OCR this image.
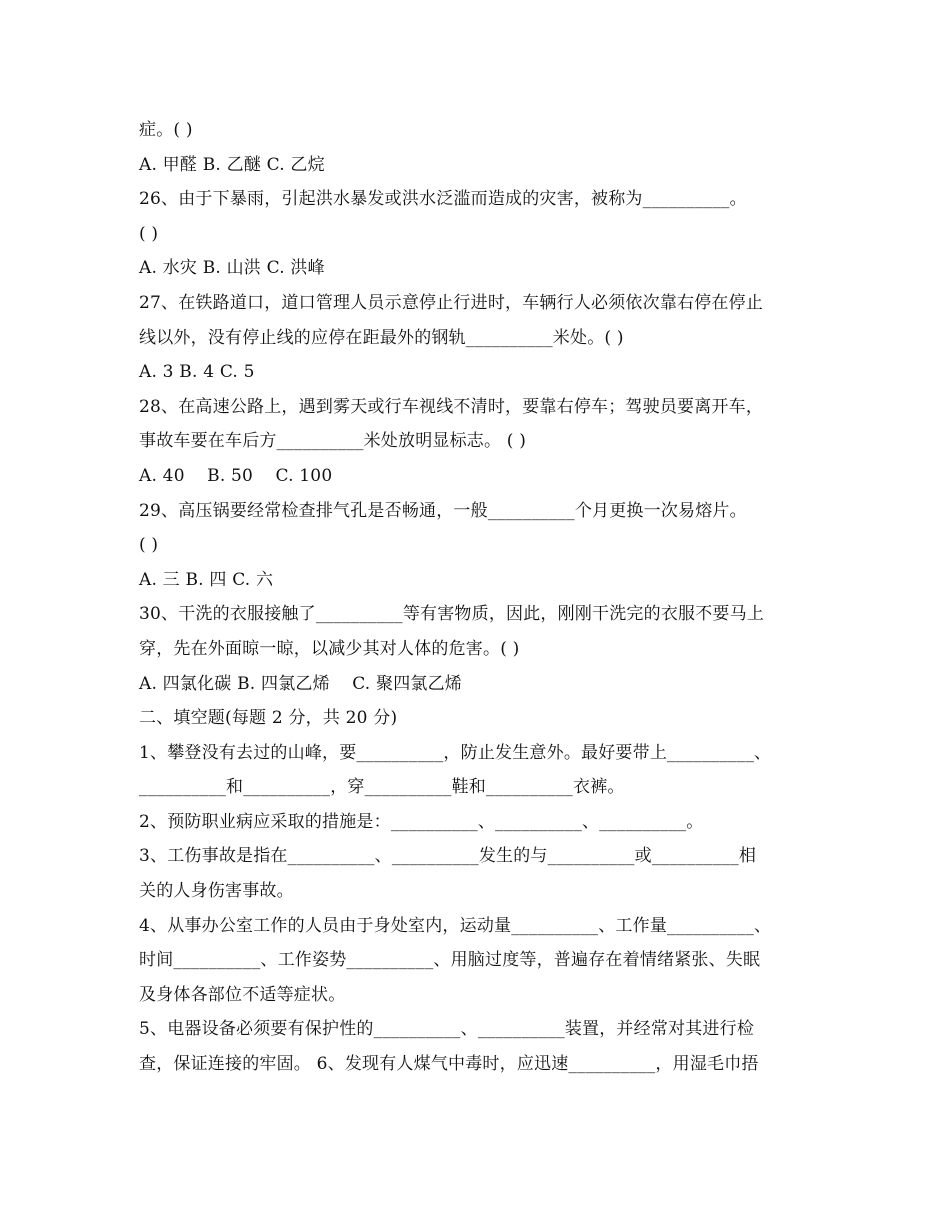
症。( )
A. 甲醛 B. 乙醚 C. 乙烷
26、由于下暴雨，引起洪水暴发或洪水泛滥而造成的灾害，被称为__________。
( )
A. 水灾 B. 山洪 C. 洪峰
27、在铁路道口，道口管理人员示意停止行进时，车辆行人必须依次靠右停在停止
线以外，没有停止线的应停在距最外的钢轨__________米处。( )
A. 3 B. 4 C. 5
28、在高速公路上，遇到雾天或行车视线不清时，要靠右停车；驾驶员要离开车，
事故车要在车后方__________米处放明显标志。 ( )
A. 40    B. 50    C. 100
29、高压锅要经常检查排气孔是否畅通，一般__________个月更换一次易熔片。
( )
A. 三 B. 四 C. 六
30、干洗的衣服接触了__________等有害物质，因此，刚刚干洗完的衣服不要马上
穿，先在外面晾一晾，以减少其对人体的危害。( )
A. 四氯化碳 B. 四氯乙烯    C. 聚四氯乙烯
二、填空题(每题 2 分，共 20 分)
1、攀登没有去过的山峰，要__________，防止发生意外。最好要带上__________、
__________和__________，穿__________鞋和__________衣裤。
2、预防职业病应采取的措施是：__________、__________、__________。
3、工伤事故是指在__________、__________发生的与__________或__________相
关的人身伤害事故。
4、从事办公室工作的人员由于身处室内，运动量__________、工作量__________、
时间__________、工作姿势__________、用脑过度等，普遍存在着情绪紧张、失眠
及身体各部位不适等症状。
5、电器设备必须要有保护性的__________、__________装置，并经常对其进行检
查，保证连接的牢固。 6、发现有人煤气中毒时，应迅速__________，用湿毛巾捂
